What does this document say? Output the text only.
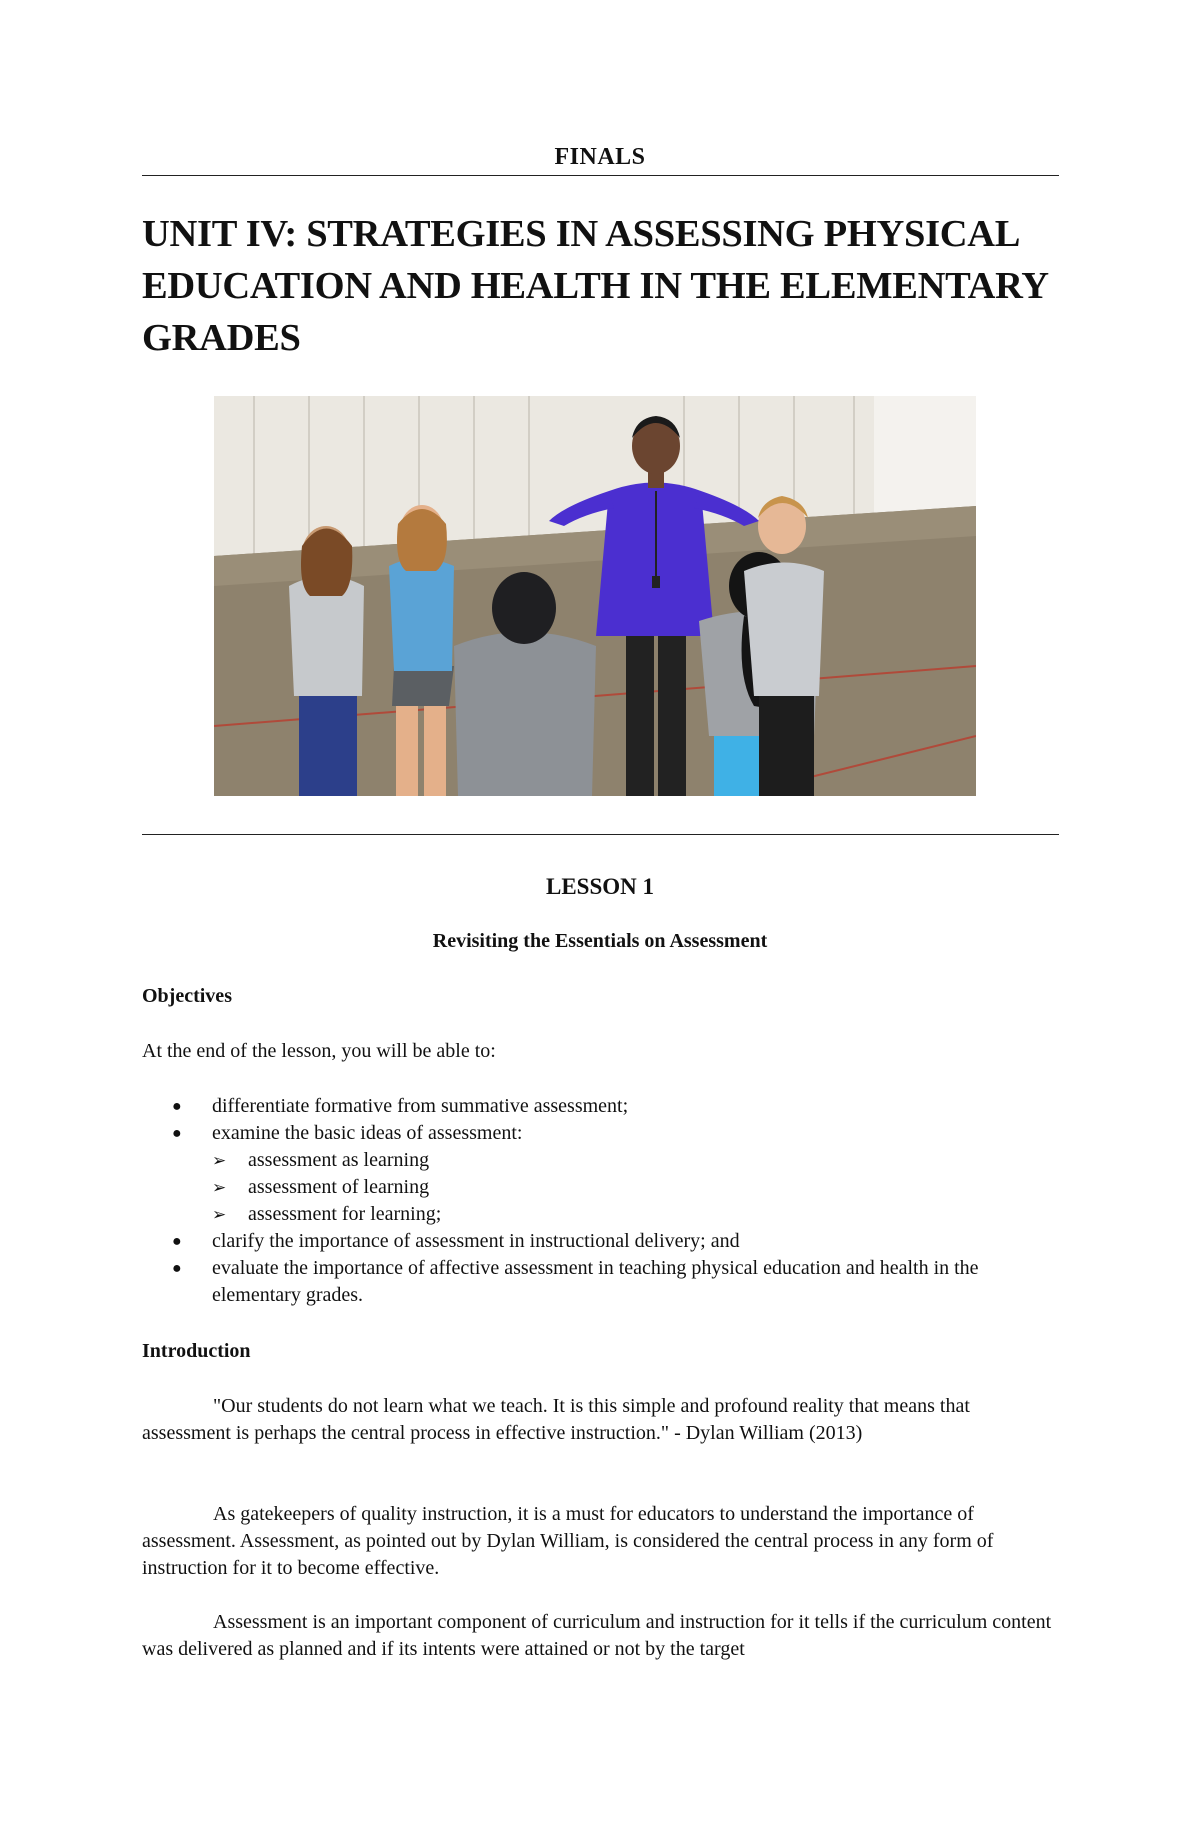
FINALS
UNIT IV: STRATEGIES IN ASSESSING PHYSICAL EDUCATION AND HEALTH IN THE ELEMENTARY GRADES
LESSON 1
Revisiting the Essentials on Assessment
Objectives
At the end of the lesson, you will be able to:
● differentiate formative from summative assessment;
● examine the basic ideas of assessment:
➢ assessment as learning
➢ assessment of learning
➢ assessment for learning;
● clarify the importance of assessment in instructional delivery; and
● evaluate the importance of affective assessment in teaching physical education and health in the elementary grades.
Introduction

"Our students do not learn what we teach. It is this simple and profound reality that means that assessment is perhaps the central process in effective instruction." - Dylan William (2013)

As gatekeepers of quality instruction, it is a must for educators to understand the importance of assessment. Assessment, as pointed out by Dylan William, is considered the central process in any form of instruction for it to become effective.

Assessment is an important component of curriculum and instruction for it tells if the curriculum content was delivered as planned and if its intents were attained or not by the target
